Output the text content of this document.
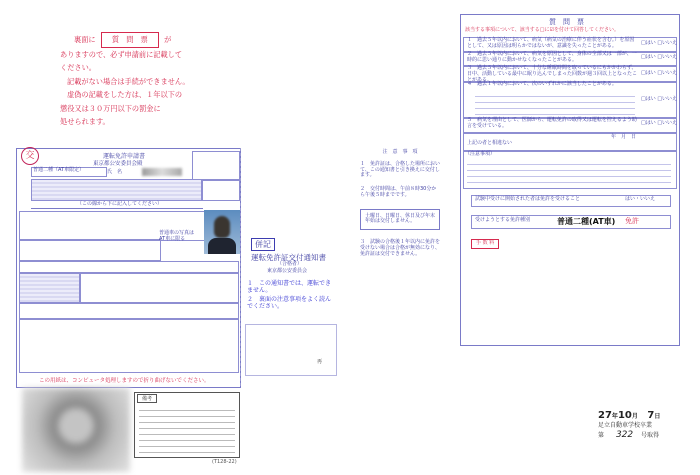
裏面に 質　問　票 が
ありますので、必ず申請前に記載して
ください。
記載がない場合は手続ができません。
虚偽の記載をした方は、１年以下の
懲役又は３０万円以下の罰金に
処せられます。
交	運転免許申請書
東京都公安委員会殿
普通二種（AT車限定）	氏　名
（この線から下に記入してください）
普通車の写真は AT車に限る
この用紙は、コンピュータ処理しますので折り曲げないでください。
備考
(T128-22)
併記
運転免許証交付通知書
（合格者）
東京都公安委員会
１　この通知書では、運転できません。
２　裏面の注意事項をよく読んでください。
再
注　意　事　項
１　免許証は、合格した場所において、この通知書と引き換えに交付します。
２　交付時間は、午前８時30分から午後５時までです。
土曜日、日曜日、休日及び年末年始は交付しません。
３　試験の合格後１年以内に免許を受けない場合は合格が無効になり、免許証は交付できません。
質　問　票
該当する事項について、該当する□に☑を付けて回答してください。
１　過去５年以内において、病気（病気の治療に伴う症状を含む。）を原因として、又は原因は明らかではないが、意識を失ったことがある。	□はい □いいえ
２　過去５年以内において、病気を原因として、身体の全部又は一部が、一時的に思い通りに動かせなくなったことがある。	□はい □いいえ
３　過去５年以内において、十分な睡眠時間を取っているにもかかわらず、日中、活動している最中に眠り込んでしまった回数が週３回以上となったことがある。
□はい □いいえ
４　過去１年以内において、次のいずれかに該当したことがある。
□はい □いいえ
５　病気を理由として、医師から、運転免許の取得又は運転を控えるよう助言を受けている。	□はい □いいえ
上記の者と相違ない
年　月　日
（注意事項）
試験中受けに開始された者は免許を受けること	はい・いいえ
受けようとする免許種別	普通二種(AT車) 免許
手 数 料
27年10月 7日
足立自動車学校卒業
第 322 号取得
